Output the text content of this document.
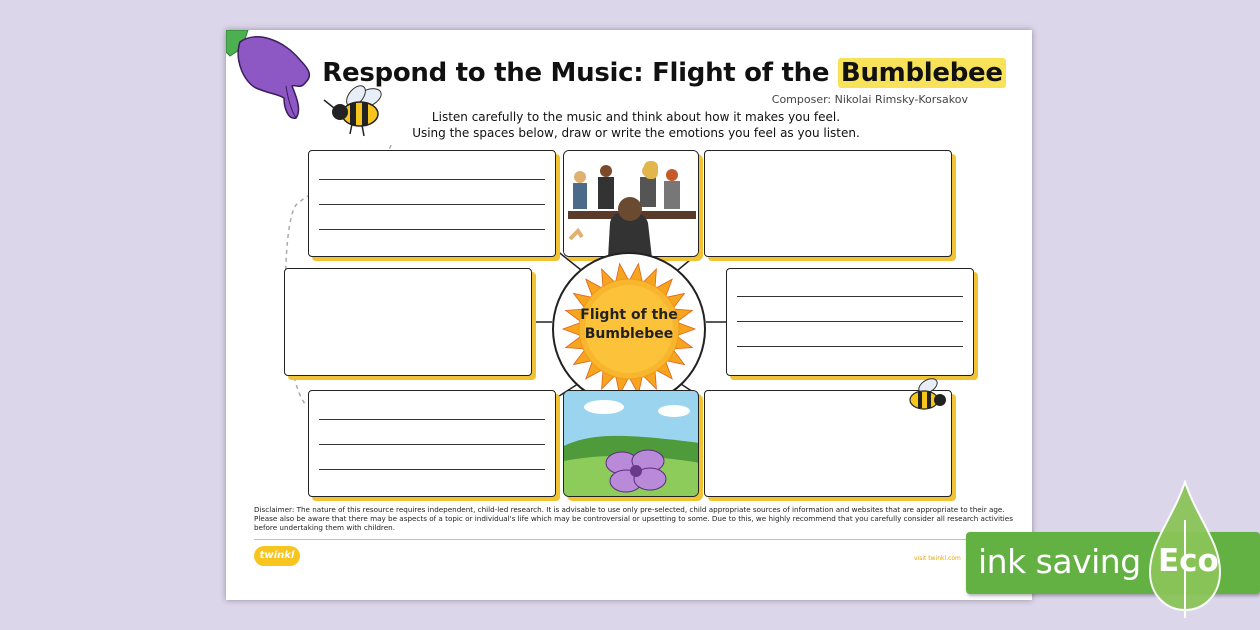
Respond to the Music: Flight of the Bumblebee
Composer: Nikolai Rimsky-Korsakov
Listen carefully to the music and think about how it makes you feel.
Using the spaces below, draw or write the emotions you feel as you listen.
Flight of the
Bumblebee
Disclaimer: The nature of this resource requires independent, child-led research. It is advisable to use only pre-selected, child appropriate sources of information and websites that are appropriate to their age. Please also be aware that there may be aspects of a topic or individual's life which may be controversial or upsetting to some. Due to this, we highly recommend that you carefully consider all research activities before undertaking them with children.
twinkl	visit twinkl.com ink saving Eco
